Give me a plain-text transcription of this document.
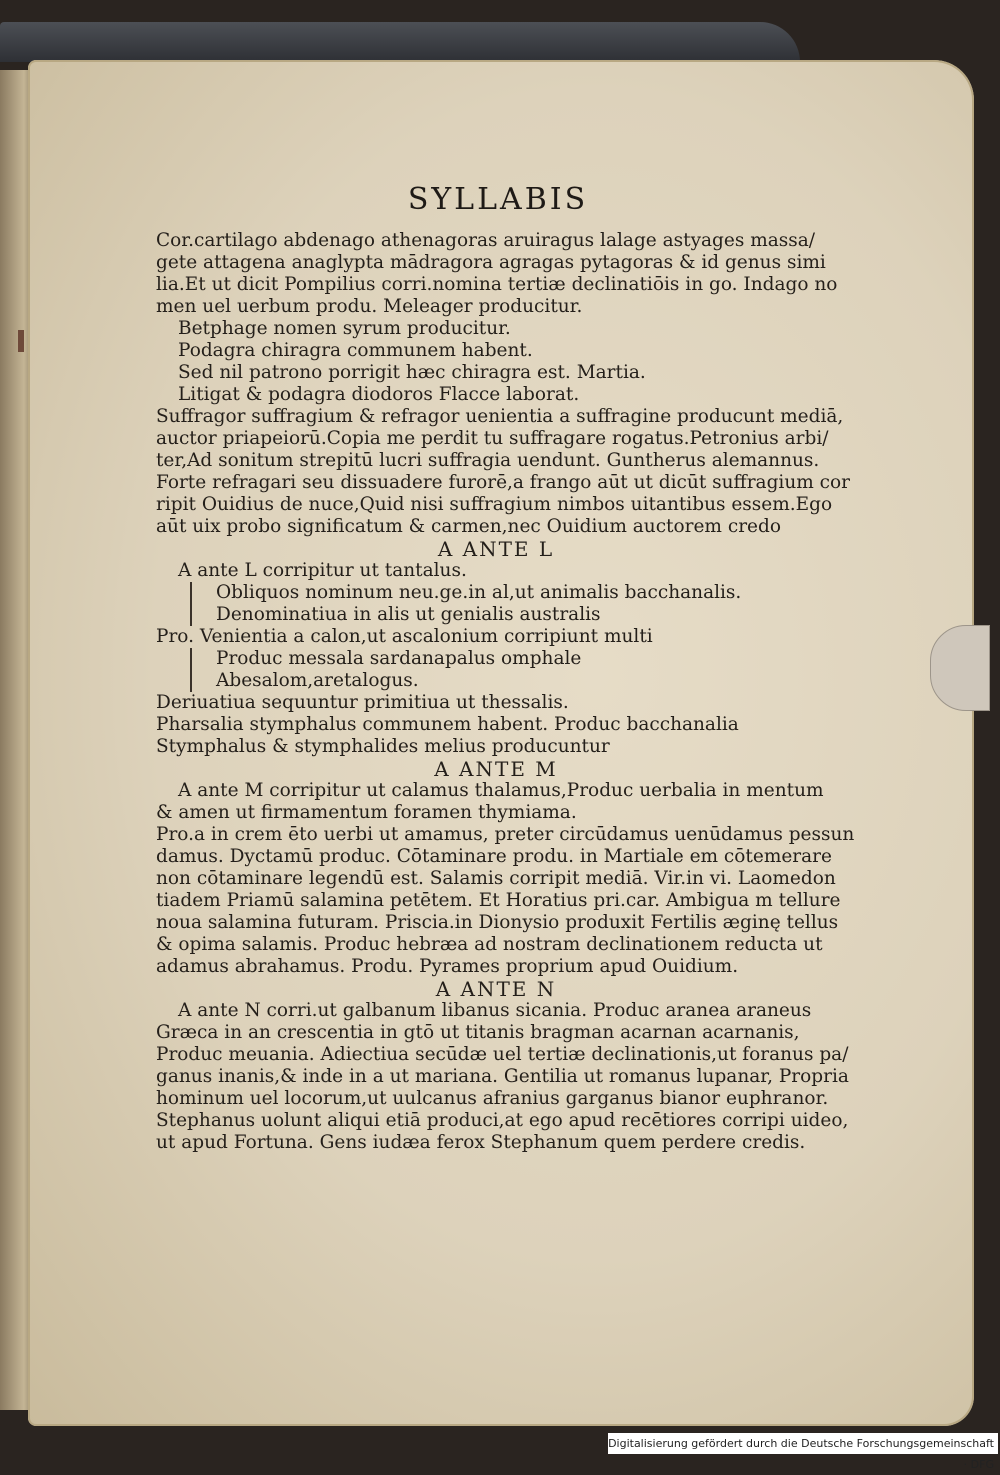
SYLLABIS
Cor.cartilago abdenago athenagoras aruiragus lalage astyages massa/
gete attagena anaglypta mādragora agragas pytagoras & id genus simi
lia.Et ut dicit Pompilius corri.nomina tertiæ declinatiōis in go. Indago no
men uel uerbum produ. Meleager producitur.
Betphage nomen syrum producitur.
Podagra chiragra communem habent.
Sed nil patrono porrigit hæc chiragra est. Martia.
Litigat & podagra diodoros Flacce laborat.
Suffragor suffragium & refragor uenientia a suffragine producunt mediā,
auctor priapeiorū.Copia me perdit tu suffragare rogatus.Petronius arbi/
ter,Ad sonitum strepitū lucri suffragia uendunt. Guntherus alemannus.
Forte refragari seu dissuadere furorē,a frango aūt ut dicūt suffragium cor
ripit Ouidius de nuce,Quid nisi suffragium nimbos uitantibus essem.Ego
aūt uix probo significatum & carmen,nec Ouidium auctorem credo
A ANTE L
A ante L corripitur ut tantalus.
Obliquos nominum neu.ge.in al,ut animalis bacchanalis.
Denominatiua in alis ut genialis australis
Pro. Venientia a calon,ut ascalonium corripiunt multi
Produc messala sardanapalus omphale
Abesalom,aretalogus.
Deriuatiua sequuntur primitiua ut thessalis.
Pharsalia stymphalus communem habent. Produc bacchanalia
Stymphalus & stymphalides melius producuntur
A ANTE M
A ante M corripitur ut calamus thalamus,Produc uerbalia in mentum
& amen ut firmamentum foramen thymiama.
Pro.a in crem ēto uerbi ut amamus, preter circūdamus uenūdamus pessun
damus. Dyctamū produc. Cōtaminare produ. in Martiale em cōtemerare
non cōtaminare legendū est. Salamis corripit mediā. Vir.in vi. Laomedon
tiadem Priamū salamina petētem. Et Horatius pri.car. Ambigua m tellure
noua salamina futuram. Priscia.in Dionysio produxit Fertilis æginę tellus
& opima salamis. Produc hebræa ad nostram declinationem reducta ut
adamus abrahamus. Produ. Pyrames proprium apud Ouidium.
A ANTE N
A ante N corri.ut galbanum libanus sicania. Produc aranea araneus
Græca in an crescentia in gtō ut titanis bragman acarnan acarnanis,
Produc meuania. Adiectiua secūdæ uel tertiæ declinationis,ut foranus pa/
ganus inanis,& inde in a ut mariana. Gentilia ut romanus lupanar, Propria
hominum uel locorum,ut uulcanus afranius garganus bianor euphranor.
Stephanus uolunt aliqui etiā produci,at ego apud recētiores corripi uideo,
ut apud Fortuna. Gens iudæa ferox Stephanum quem perdere credis.
Digitalisierung gefördert durch die Deutsche Forschungsgemeinschaft · DFG
